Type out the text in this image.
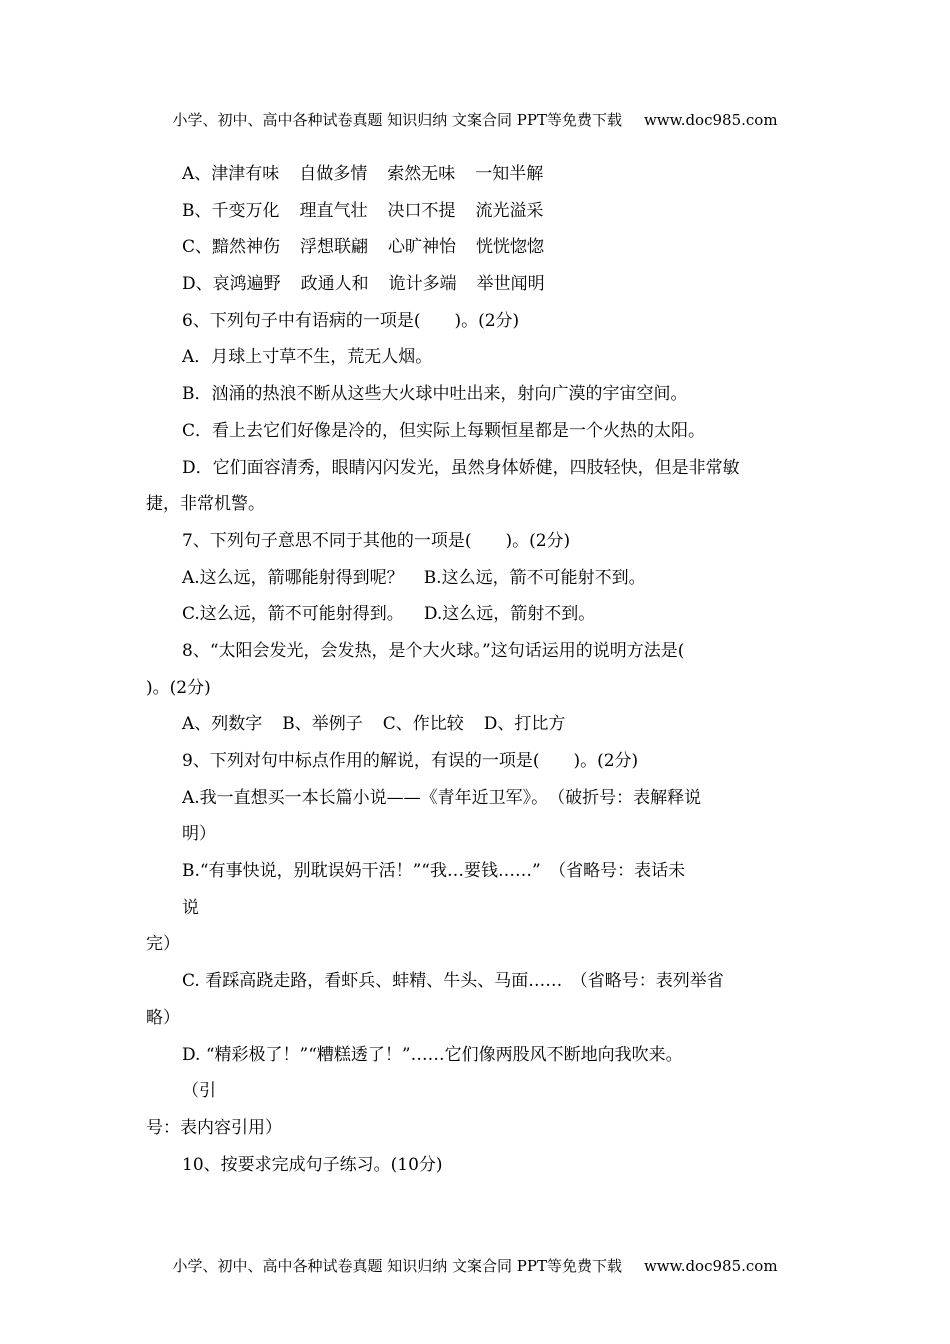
小学、初中、高中各种试卷真题 知识归纳 文案合同 PPT等免费下载 www.doc985.com
A、津津有味 自做多情 索然无味 一知半解
B、千变万化 理直气壮 决口不提 流光溢采
C、黯然神伤 浮想联翩 心旷神怡 恍恍惚惚
D、哀鸿遍野 政通人和 诡计多端 举世闻明
6、下列句子中有语病的一项是(　　)。(2分)
A．月球上寸草不生，荒无人烟。
B．汹涌的热浪不断从这些大火球中吐出来，射向广漠的宇宙空间。
C．看上去它们好像是冷的，但实际上每颗恒星都是一个火热的太阳。
D．它们面容清秀，眼睛闪闪发光，虽然身体娇健，四肢轻快，但是非常敏
捷，非常机警。
7、下列句子意思不同于其他的一项是(　　)。(2分)
A.这么远，箭哪能射得到呢？ B.这么远，箭不可能射不到。
C.这么远，箭不可能射得到。 D.这么远，箭射不到。
8、“太阳会发光，会发热，是个大火球。”这句话运用的说明方法是(
)。(2分)
A、列数字 B、举例子 C、作比较 D、打比方
9、下列对句中标点作用的解说，有误的一项是(　　)。(2分)
A.我一直想买一本长篇小说——《青年近卫军》。　（破折号：表解释说
明）
B.“有事快说，别耽误妈干活！”“我…要钱……”　（省略号：表话未
说
完）
C. 看踩高跷走路，看虾兵、蚌精、牛头、马面……　（省略号：表列举省
略）
D. “精彩极了！”“糟糕透了！”……它们像两股风不断地向我吹来。
（引
号：表内容引用）
10、按要求完成句子练习。(10分)
小学、初中、高中各种试卷真题 知识归纳 文案合同 PPT等免费下载 www.doc985.com
